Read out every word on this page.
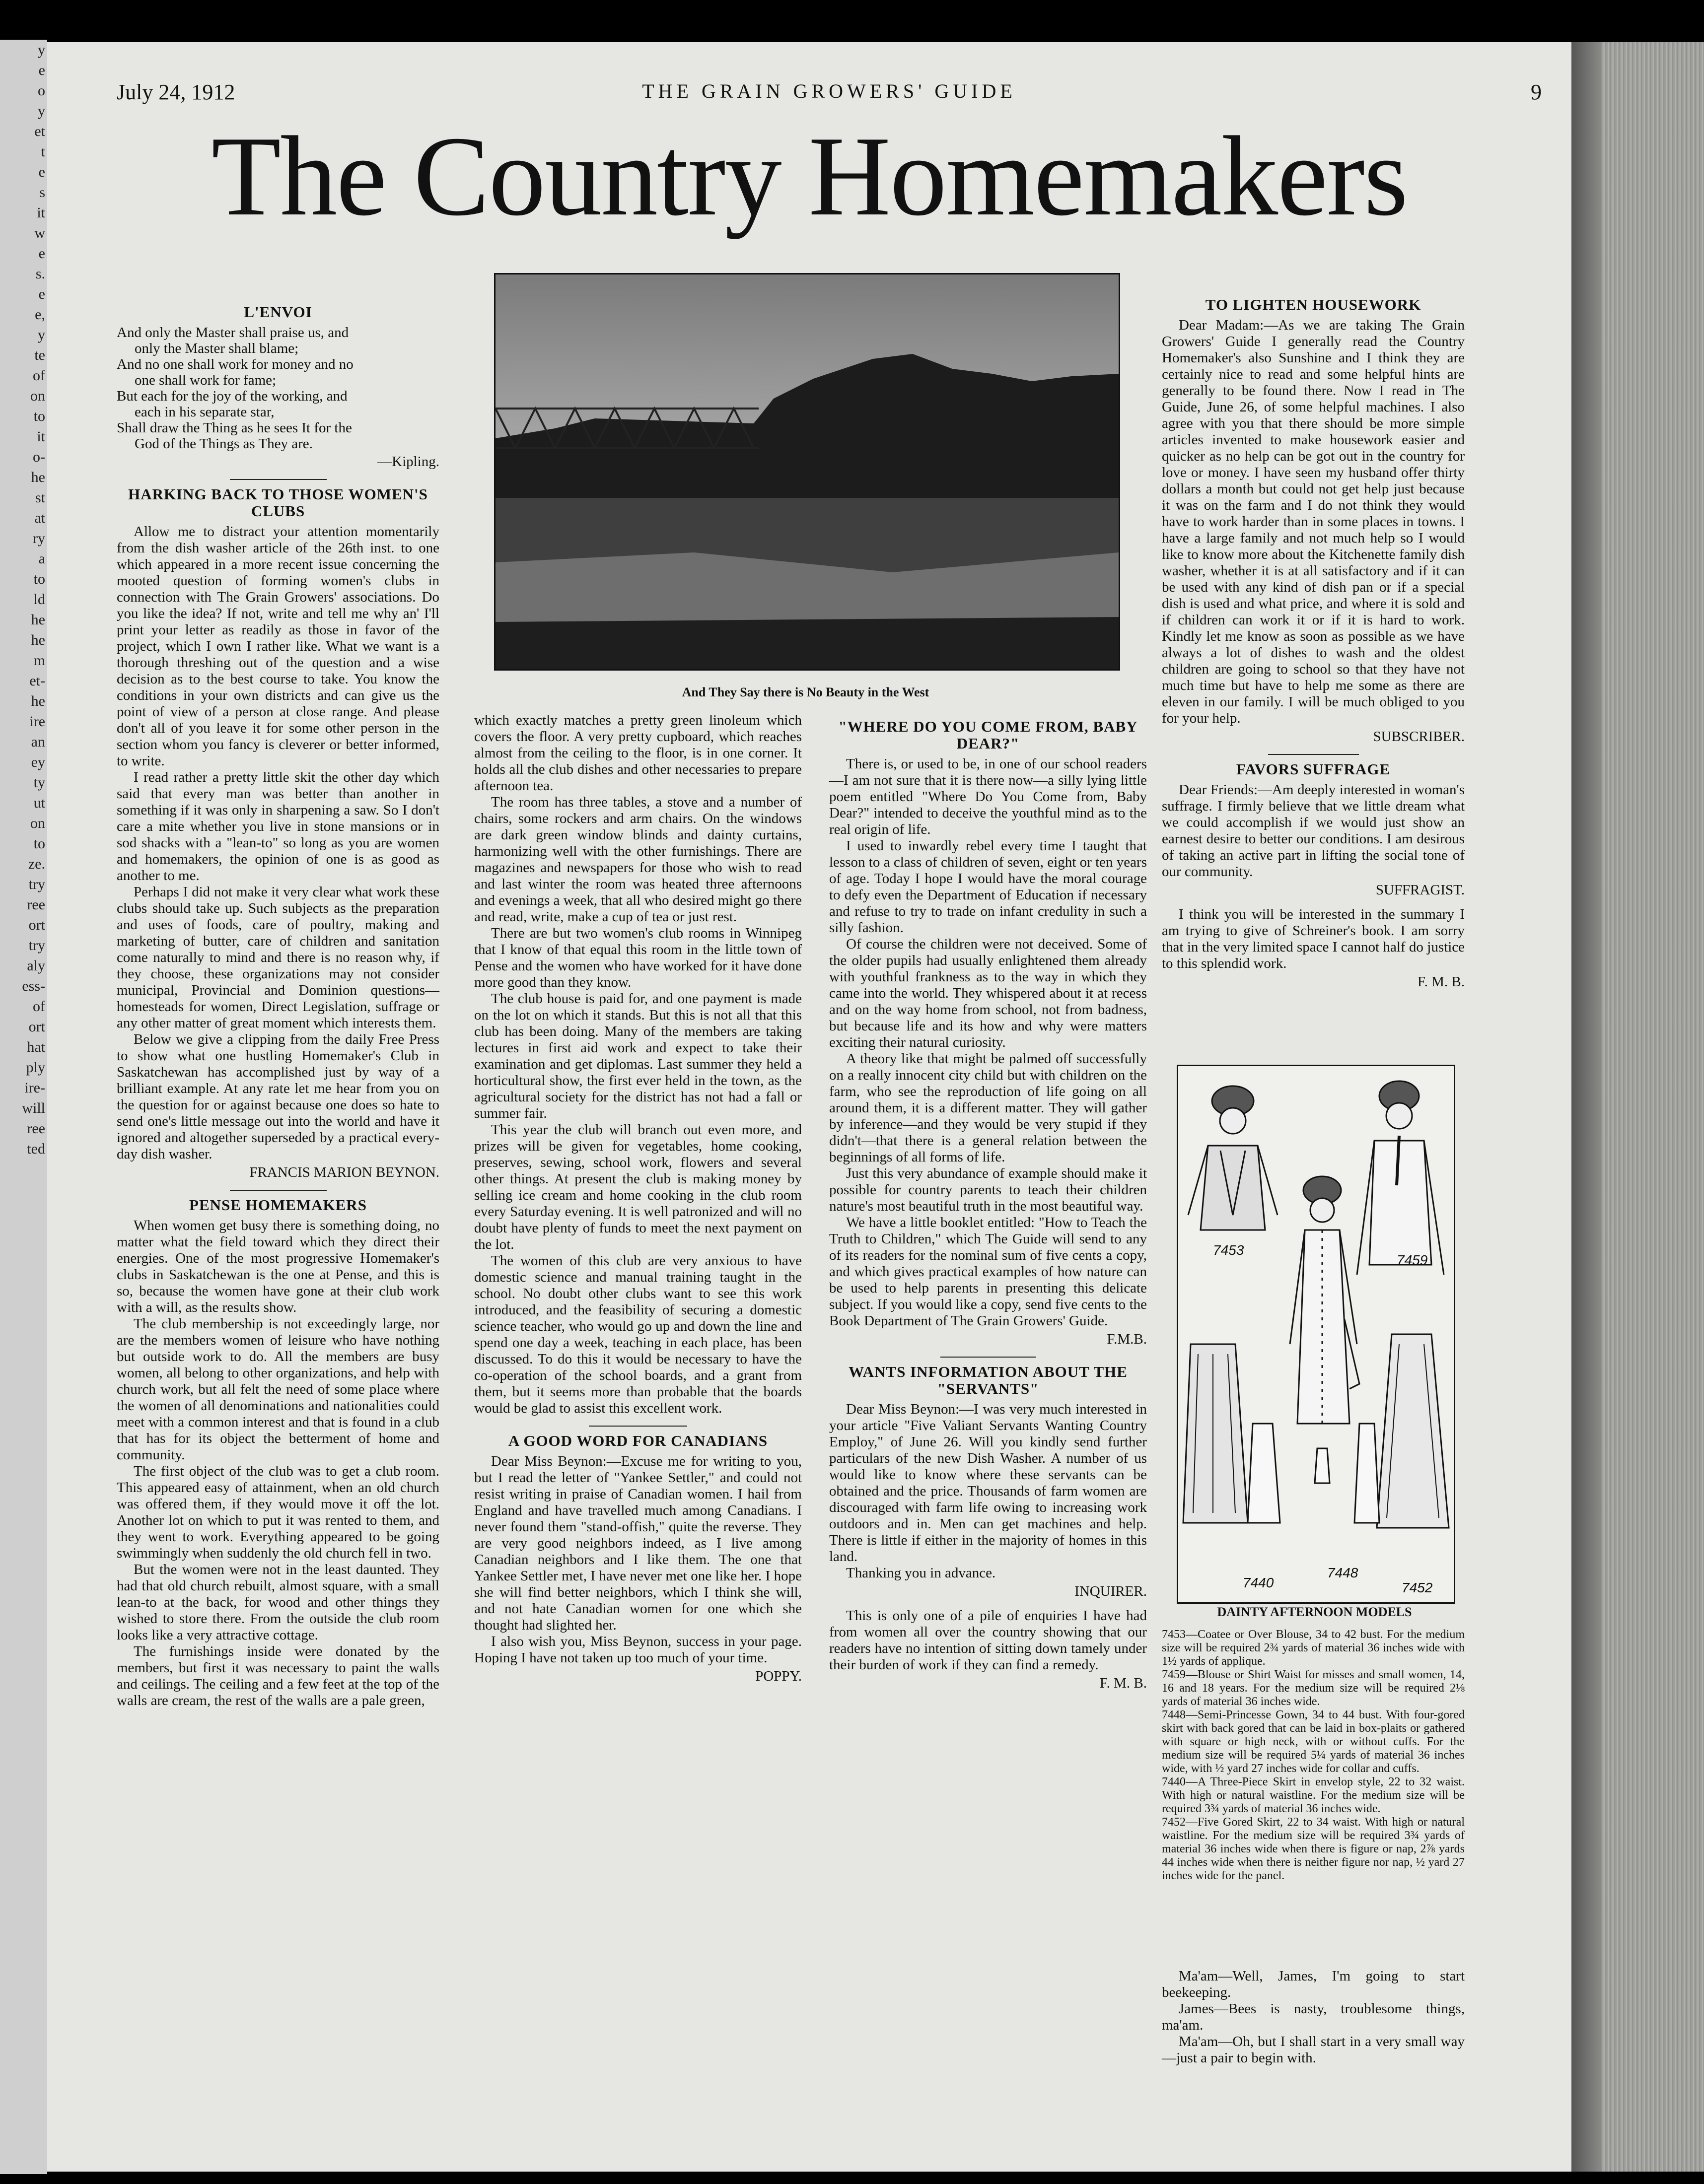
y
e
o
y
et
t
e
s
it
w
e
s.
e
e,
y
te
of
on
to
it
o-
he
st
at
ry
a
to
ld
he
he
m
et-
he
ire
an
ey
ty
ut
on
to
ze.
try
ree
ort
try
aly
ess-
of
ort
hat
ply
ire-
will
ree
ted
July 24, 1912	THE GRAIN GROWERS' GUIDE	9
The Country Homemakers
L'ENVOI

And only the Master shall praise us, and

only the Master shall blame;

And no one shall work for money and no

one shall work for fame;

But each for the joy of the working, and

each in his separate star,

Shall draw the Thing as he sees It for the

God of the Things as They are.

—Kipling.

HARKING BACK TO THOSE WOMEN'S CLUBS

Allow me to distract your attention momentarily from the dish washer article of the 26th inst. to one which appeared in a more recent issue concerning the mooted question of forming women's clubs in connection with The Grain Growers' associations. Do you like the idea? If not, write and tell me why an' I'll print your letter as readily as those in favor of the project, which I own I rather like. What we want is a thorough threshing out of the question and a wise decision as to the best course to take. You know the conditions in your own districts and can give us the point of view of a person at close range. And please don't all of you leave it for some other person in the section whom you fancy is cleverer or better informed, to write.

I read rather a pretty little skit the other day which said that every man was better than another in something if it was only in sharpening a saw. So I don't care a mite whether you live in stone mansions or in sod shacks with a "lean-to" so long as you are women and homemakers, the opinion of one is as good as another to me.

Perhaps I did not make it very clear what work these clubs should take up. Such subjects as the preparation and uses of foods, care of poultry, making and marketing of butter, care of children and sanitation come naturally to mind and there is no reason why, if they choose, these organizations may not consider municipal, Provincial and Dominion questions—homesteads for women, Direct Legislation, suffrage or any other matter of great moment which interests them.

Below we give a clipping from the daily Free Press to show what one hustling Homemaker's Club in Saskatchewan has accomplished just by way of a brilliant example. At any rate let me hear from you on the question for or against because one does so hate to send one's little message out into the world and have it ignored and altogether superseded by a practical every-day dish washer.

FRANCIS MARION BEYNON.

PENSE HOMEMAKERS

When women get busy there is something doing, no matter what the field toward which they direct their energies. One of the most progressive Homemaker's clubs in Saskatchewan is the one at Pense, and this is so, because the women have gone at their club work with a will, as the results show.

The club membership is not exceedingly large, nor are the members women of leisure who have nothing but outside work to do. All the members are busy women, all belong to other organizations, and help with church work, but all felt the need of some place where the women of all denominations and nationalities could meet with a common interest and that is found in a club that has for its object the betterment of home and community.

The first object of the club was to get a club room. This appeared easy of attainment, when an old church was offered them, if they would move it off the lot. Another lot on which to put it was rented to them, and they went to work. Everything appeared to be going swimmingly when suddenly the old church fell in two.

But the women were not in the least daunted. They had that old church rebuilt, almost square, with a small lean-to at the back, for wood and other things they wished to store there. From the outside the club room looks like a very attractive cottage.

The furnishings inside were donated by the members, but first it was necessary to paint the walls and ceilings. The ceiling and a few feet at the top of the walls are cream, the rest of the walls are a pale green,

And They Say there is No Beauty in the West

which exactly matches a pretty green linoleum which covers the floor. A very pretty cupboard, which reaches almost from the ceiling to the floor, is in one corner. It holds all the club dishes and other necessaries to prepare afternoon tea.

The room has three tables, a stove and a number of chairs, some rockers and arm chairs. On the windows are dark green window blinds and dainty curtains, harmonizing well with the other furnishings. There are magazines and newspapers for those who wish to read and last winter the room was heated three afternoons and evenings a week, that all who desired might go there and read, write, make a cup of tea or just rest.

There are but two women's club rooms in Winnipeg that I know of that equal this room in the little town of Pense and the women who have worked for it have done more good than they know.

The club house is paid for, and one payment is made on the lot on which it stands. But this is not all that this club has been doing. Many of the members are taking lectures in first aid work and expect to take their examination and get diplomas. Last summer they held a horticultural show, the first ever held in the town, as the agricultural society for the district has not had a fall or summer fair.

This year the club will branch out even more, and prizes will be given for vegetables, home cooking, preserves, sewing, school work, flowers and several other things. At present the club is making money by selling ice cream and home cooking in the club room every Saturday evening. It is well patronized and will no doubt have plenty of funds to meet the next payment on the lot.

The women of this club are very anxious to have domestic science and manual training taught in the school. No doubt other clubs want to see this work introduced, and the feasibility of securing a domestic science teacher, who would go up and down the line and spend one day a week, teaching in each place, has been discussed. To do this it would be necessary to have the co-operation of the school boards, and a grant from them, but it seems more than probable that the boards would be glad to assist this excellent work.

A GOOD WORD FOR CANADIANS

Dear Miss Beynon:—Excuse me for writing to you, but I read the letter of "Yankee Settler," and could not resist writing in praise of Canadian women. I hail from England and have travelled much among Canadians. I never found them "stand-offish," quite the reverse. They are very good neighbors indeed, as I live among Canadian neighbors and I like them. The one that Yankee Settler met, I have never met one like her. I hope she will find better neighbors, which I think she will, and not hate Canadian women for one which she thought had slighted her.

I also wish you, Miss Beynon, success in your page. Hoping I have not taken up too much of your time.

POPPY.

"WHERE DO YOU COME FROM, BABY DEAR?"

There is, or used to be, in one of our school readers—I am not sure that it is there now—a silly lying little poem entitled "Where Do You Come from, Baby Dear?" intended to deceive the youthful mind as to the real origin of life.

I used to inwardly rebel every time I taught that lesson to a class of children of seven, eight or ten years of age. Today I hope I would have the moral courage to defy even the Department of Education if necessary and refuse to try to trade on infant credulity in such a silly fashion.

Of course the children were not deceived. Some of the older pupils had usually enlightened them already with youthful frankness as to the way in which they came into the world. They whispered about it at recess and on the way home from school, not from badness, but because life and its how and why were matters exciting their natural curiosity.

A theory like that might be palmed off successfully on a really innocent city child but with children on the farm, who see the reproduction of life going on all around them, it is a different matter. They will gather by inference—and they would be very stupid if they didn't—that there is a general relation between the beginnings of all forms of life.

Just this very abundance of example should make it possible for country parents to teach their children nature's most beautiful truth in the most beautiful way.

We have a little booklet entitled: "How to Teach the Truth to Children," which The Guide will send to any of its readers for the nominal sum of five cents a copy, and which gives practical examples of how nature can be used to help parents in presenting this delicate subject. If you would like a copy, send five cents to the Book Department of The Grain Growers' Guide.

F.M.B.

WANTS INFORMATION ABOUT THE "SERVANTS"

Dear Miss Beynon:—I was very much interested in your article "Five Valiant Servants Wanting Country Employ," of June 26. Will you kindly send further particulars of the new Dish Washer. A number of us would like to know where these servants can be obtained and the price. Thousands of farm women are discouraged with farm life owing to increasing work outdoors and in. Men can get machines and help. There is little if either in the majority of homes in this land.

Thanking you in advance.

INQUIRER.

This is only one of a pile of enquiries I have had from women all over the country showing that our readers have no intention of sitting down tamely under their burden of work if they can find a remedy.

F. M. B.

TO LIGHTEN HOUSEWORK

Dear Madam:—As we are taking The Grain Growers' Guide I generally read the Country Homemaker's also Sunshine and I think they are certainly nice to read and some helpful hints are generally to be found there. Now I read in The Guide, June 26, of some helpful machines. I also agree with you that there should be more simple articles invented to make housework easier and quicker as no help can be got out in the country for love or money. I have seen my husband offer thirty dollars a month but could not get help just because it was on the farm and I do not think they would have to work harder than in some places in towns. I have a large family and not much help so I would like to know more about the Kitchenette family dish washer, whether it is at all satisfactory and if it can be used with any kind of dish pan or if a special dish is used and what price, and where it is sold and if children can work it or if it is hard to work. Kindly let me know as soon as possible as we have always a lot of dishes to wash and the oldest children are going to school so that they have not much time but have to help me some as there are eleven in our family. I will be much obliged to you for your help.

SUBSCRIBER.

FAVORS SUFFRAGE

Dear Friends:—Am deeply interested in woman's suffrage. I firmly believe that we little dream what we could accomplish if we would just show an earnest desire to better our conditions. I am desirous of taking an active part in lifting the social tone of our community.

SUFFRAGIST.

I think you will be interested in the summary I am trying to give of Schreiner's book. I am sorry that in the very limited space I cannot half do justice to this splendid work.

F. M. B.

7453
7459
7440
7448
7452
DAINTY AFTERNOON MODELS

7453—Coatee or Over Blouse, 34 to 42 bust. For the medium size will be required 2¾ yards of material 36 inches wide with 1½ yards of applique.

7459—Blouse or Shirt Waist for misses and small women, 14, 16 and 18 years. For the medium size will be required 2⅛ yards of material 36 inches wide.

7448—Semi-Princesse Gown, 34 to 44 bust. With four-gored skirt with back gored that can be laid in box-plaits or gathered with square or high neck, with or without cuffs. For the medium size will be required 5¼ yards of material 36 inches wide, with ½ yard 27 inches wide for collar and cuffs.

7440—A Three-Piece Skirt in envelop style, 22 to 32 waist. With high or natural waistline. For the medium size will be required 3¾ yards of material 36 inches wide.

7452—Five Gored Skirt, 22 to 34 waist. With high or natural waistline. For the medium size will be required 3¾ yards of material 36 inches wide when there is figure or nap, 2⅞ yards 44 inches wide when there is neither figure nor nap, ½ yard 27 inches wide for the panel.

Ma'am—Well, James, I'm going to start beekeeping.

James—Bees is nasty, troublesome things, ma'am.

Ma'am—Oh, but I shall start in a very small way—just a pair to begin with.
